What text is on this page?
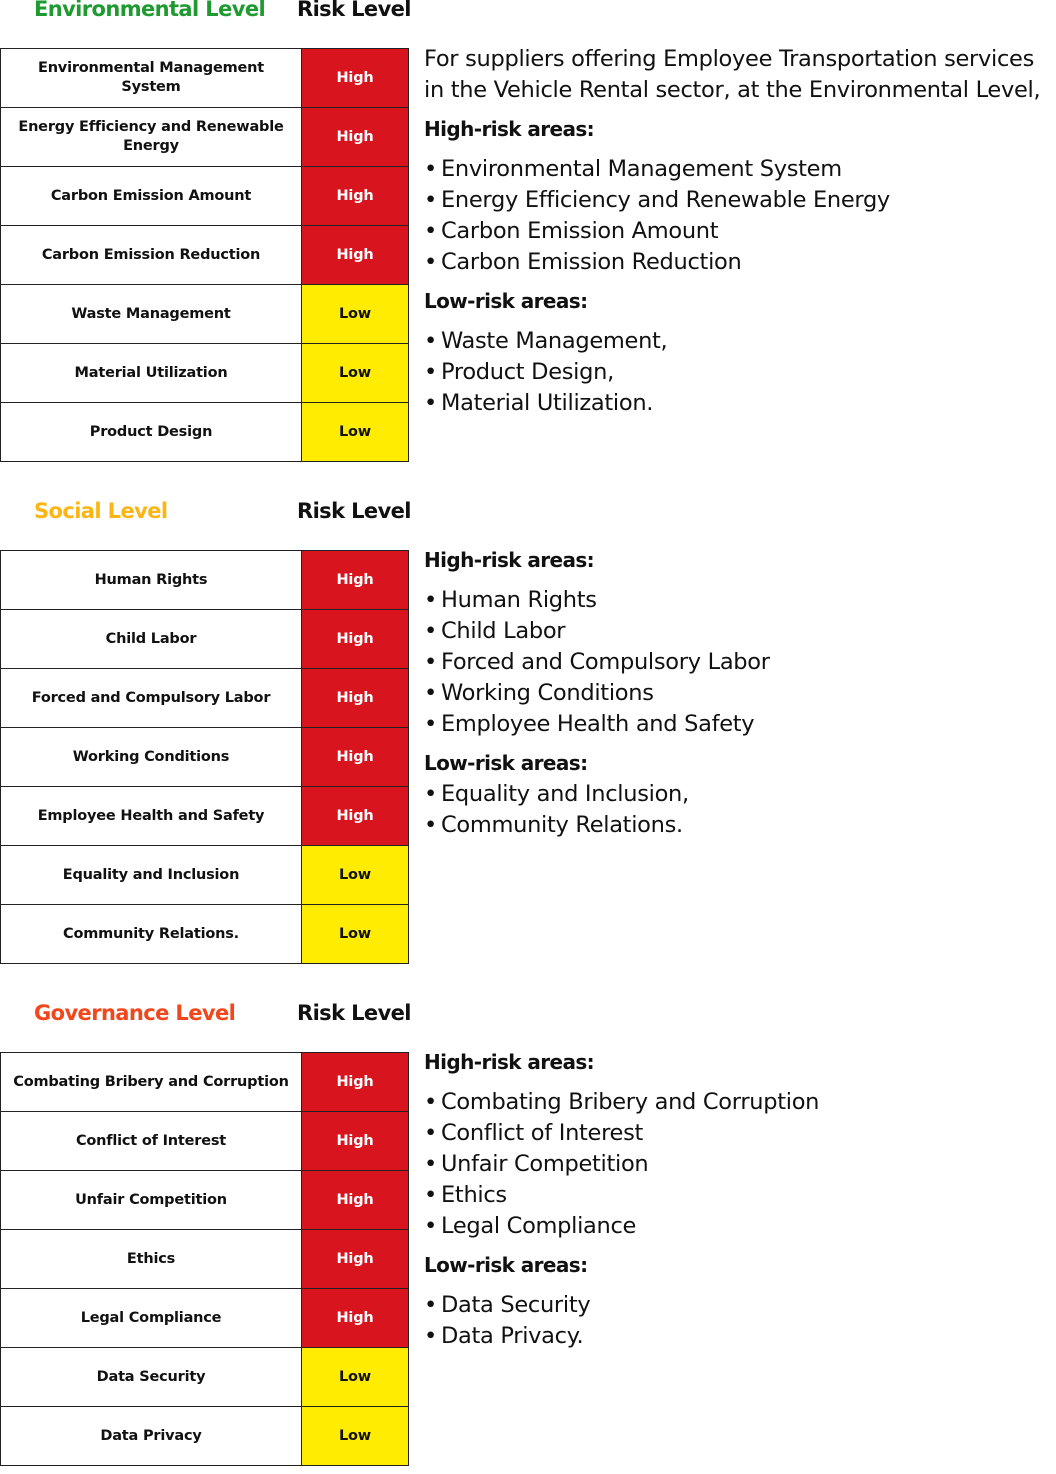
Environmental Level Risk Level
Environmental Management System	High
Energy Efficiency and Renewable Energy	High
Carbon Emission Amount	High
Carbon Emission Reduction	High
Waste Management	Low
Material Utilization	Low
Product Design	Low

For suppliers offering Employee Transportation services

in the Vehicle Rental sector, at the Environmental Level,

High-risk areas:
• Environmental Management System
• Energy Efficiency and Renewable Energy
• Carbon Emission Amount
• Carbon Emission Reduction
Low-risk areas:
• Waste Management,
• Product Design,
• Material Utilization.
Social Level	Risk Level
Human Rights	High
Child Labor	High
Forced and Compulsory Labor	High
Working Conditions	High
Employee Health and Safety	High
Equality and Inclusion	Low
Community Relations.	Low
High-risk areas:
• Human Rights
• Child Labor
• Forced and Compulsory Labor
• Working Conditions
• Employee Health and Safety
Low-risk areas:
• Equality and Inclusion,
• Community Relations.
Governance Level	Risk Level
Combating Bribery and Corruption	High
Conflict of Interest	High
Unfair Competition	High
Ethics	High
Legal Compliance	High
Data Security	Low
Data Privacy	Low
High-risk areas:
• Combating Bribery and Corruption
• Conflict of Interest
• Unfair Competition
• Ethics
• Legal Compliance
Low-risk areas:
• Data Security
• Data Privacy.
